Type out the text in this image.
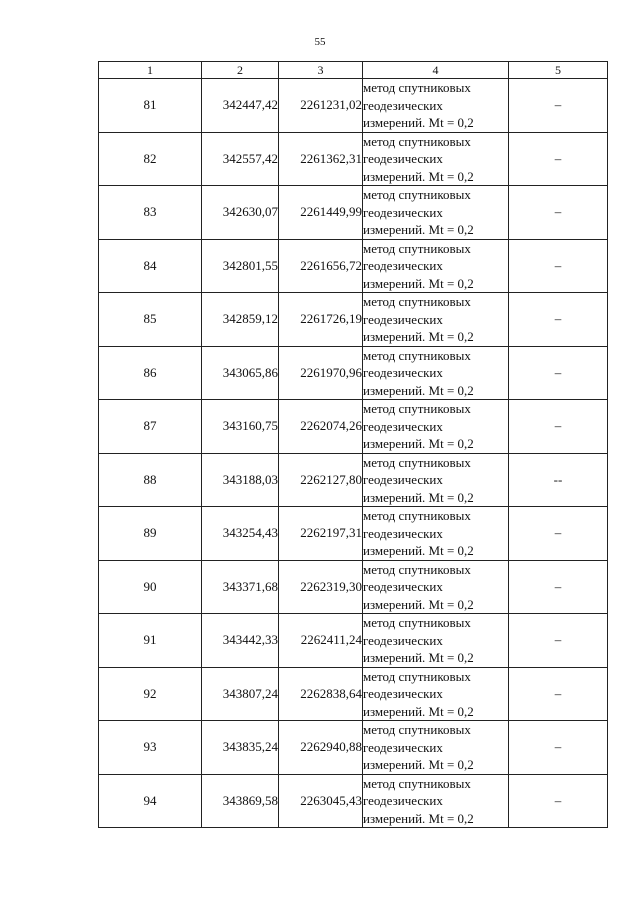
55
1	2	3	4	5
81	342447,42	2261231,02	метод спутниковых
геодезических
измерений. Mt = 0,2	–
82	342557,42	2261362,31	метод спутниковых
геодезических
измерений. Mt = 0,2	–
83	342630,07	2261449,99	метод спутниковых
геодезических
измерений. Mt = 0,2	–
84	342801,55	2261656,72	метод спутниковых
геодезических
измерений. Mt = 0,2	–
85	342859,12	2261726,19	метод спутниковых
геодезических
измерений. Mt = 0,2	–
86	343065,86	2261970,96	метод спутниковых
геодезических
измерений. Mt = 0,2	–
87	343160,75	2262074,26	метод спутниковых
геодезических
измерений. Mt = 0,2	–
88	343188,03	2262127,80	метод спутниковых
геодезических
измерений. Mt = 0,2	--
89	343254,43	2262197,31	метод спутниковых
геодезических
измерений. Mt = 0,2	–
90	343371,68	2262319,30	метод спутниковых
геодезических
измерений. Mt = 0,2	–
91	343442,33	2262411,24	метод спутниковых
геодезических
измерений. Mt = 0,2	–
92	343807,24	2262838,64	метод спутниковых
геодезических
измерений. Mt = 0,2	–
93	343835,24	2262940,88	метод спутниковых
геодезических
измерений. Mt = 0,2	–
94	343869,58	2263045,43	метод спутниковых
геодезических
измерений. Mt = 0,2	–
